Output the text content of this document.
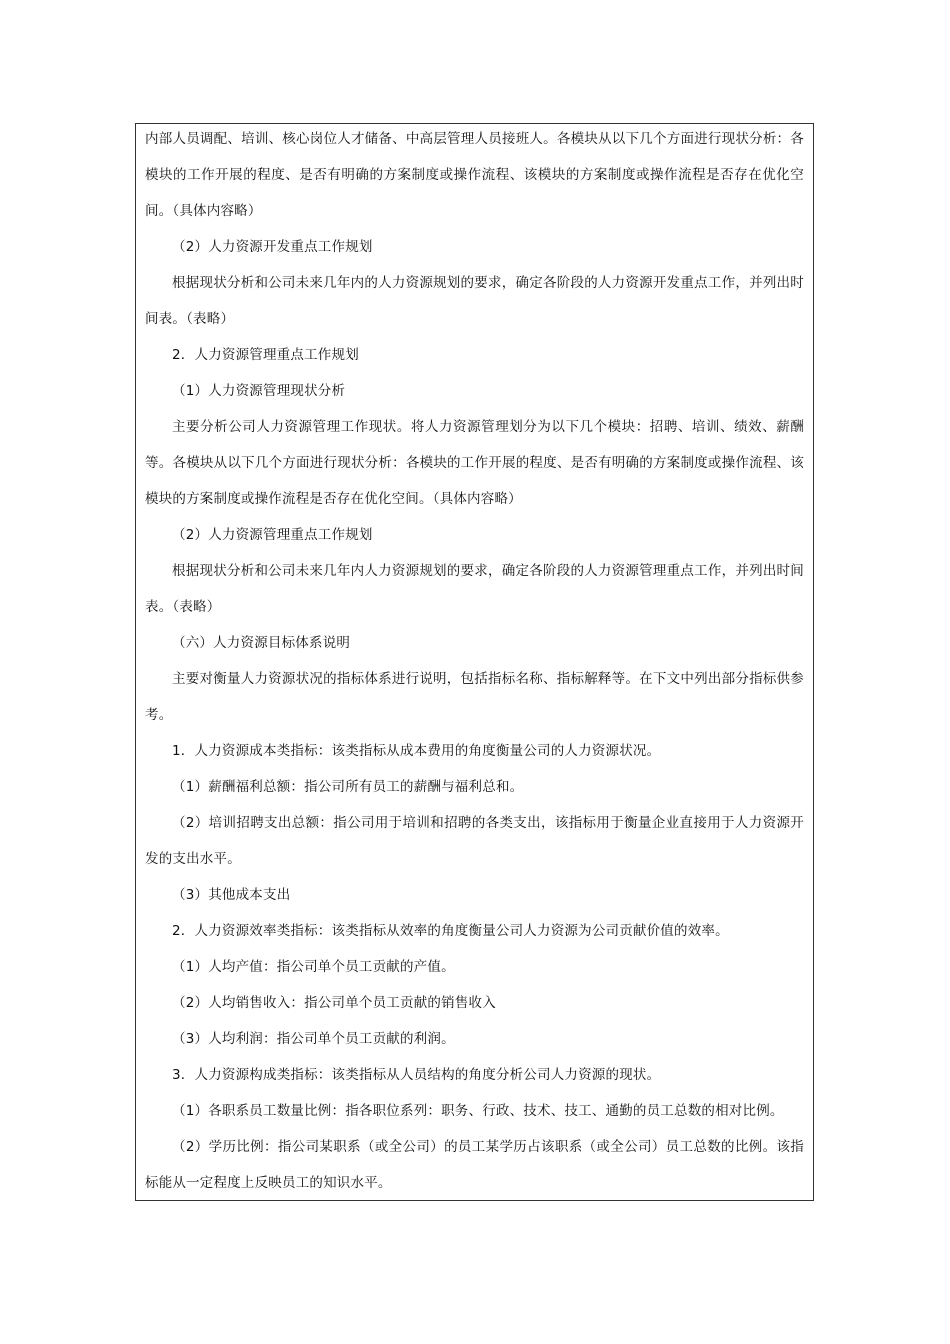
内部人员调配、培训、核心岗位人才储备、中高层管理人员接班人。各模块从以下几个方面进行现状分析：各模块的工作开展的程度、是否有明确的方案制度或操作流程、该模块的方案制度或操作流程是否存在优化空间。（具体内容略）

（2）人力资源开发重点工作规划

根据现状分析和公司未来几年内的人力资源规划的要求，确定各阶段的人力资源开发重点工作，并列出时间表。（表略）

2．人力资源管理重点工作规划

（1）人力资源管理现状分析

主要分析公司人力资源管理工作现状。将人力资源管理划分为以下几个模块：招聘、培训、绩效、薪酬等。各模块从以下几个方面进行现状分析：各模块的工作开展的程度、是否有明确的方案制度或操作流程、该模块的方案制度或操作流程是否存在优化空间。（具体内容略）

（2）人力资源管理重点工作规划

根据现状分析和公司未来几年内人力资源规划的要求，确定各阶段的人力资源管理重点工作，并列出时间表。（表略）

（六）人力资源目标体系说明

主要对衡量人力资源状况的指标体系进行说明，包括指标名称、指标解释等。在下文中列出部分指标供参考。

1．人力资源成本类指标：该类指标从成本费用的角度衡量公司的人力资源状况。

（1）薪酬福利总额：指公司所有员工的薪酬与福利总和。

（2）培训招聘支出总额：指公司用于培训和招聘的各类支出，该指标用于衡量企业直接用于人力资源开发的支出水平。

（3）其他成本支出

2．人力资源效率类指标：该类指标从效率的角度衡量公司人力资源为公司贡献价值的效率。

（1）人均产值：指公司单个员工贡献的产值。

（2）人均销售收入：指公司单个员工贡献的销售收入

（3）人均利润：指公司单个员工贡献的利润。

3．人力资源构成类指标：该类指标从人员结构的角度分析公司人力资源的现状。

（1）各职系员工数量比例：指各职位系列：职务、行政、技术、技工、通勤的员工总数的相对比例。

（2）学历比例：指公司某职系（或全公司）的员工某学历占该职系（或全公司）员工总数的比例。该指标能从一定程度上反映员工的知识水平。
